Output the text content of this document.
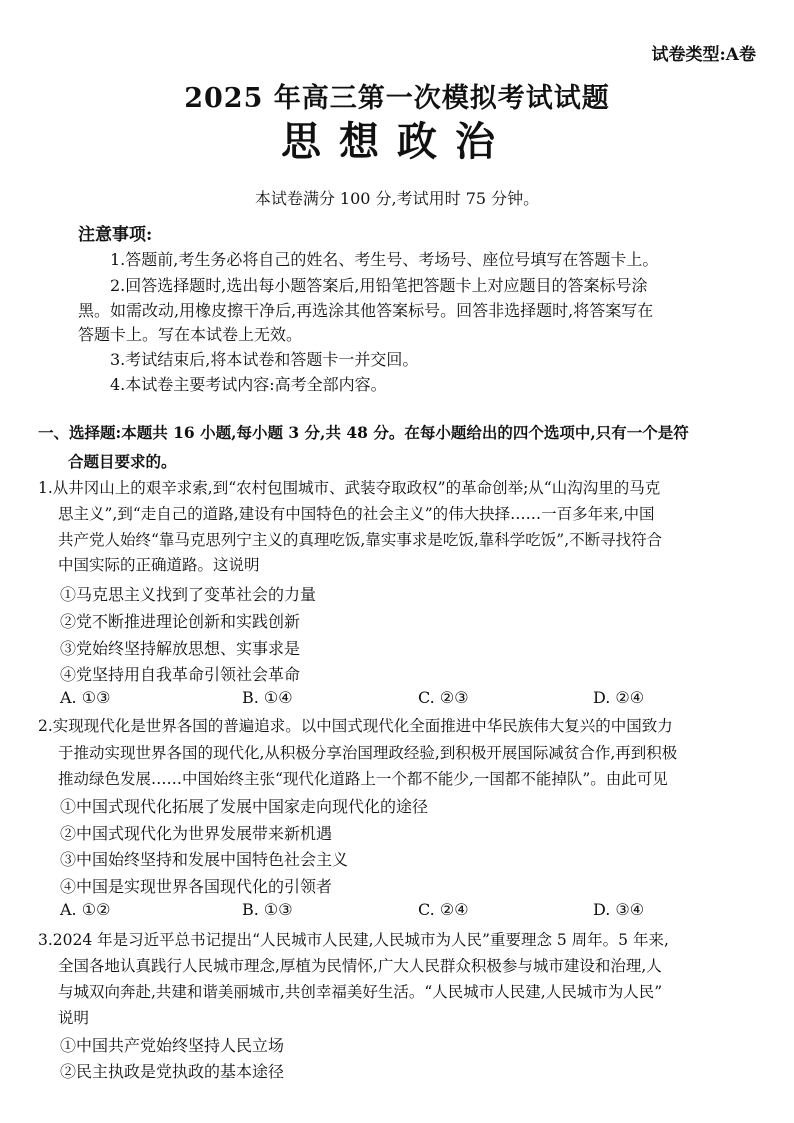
试卷类型:A卷
2025 年高三第一次模拟考试试题
思想政治
本试卷满分 100 分,考试用时 75 分钟。
注意事项:
1.答题前,考生务必将自己的姓名、考生号、考场号、座位号填写在答题卡上。
2.回答选择题时,选出每小题答案后,用铅笔把答题卡上对应题目的答案标号涂
黑。如需改动,用橡皮擦干净后,再选涂其他答案标号。回答非选择题时,将答案写在
答题卡上。写在本试卷上无效。
3.考试结束后,将本试卷和答题卡一并交回。
4.本试卷主要考试内容:高考全部内容。
一、选择题:本题共 16 小题,每小题 3 分,共 48 分。在每小题给出的四个选项中,只有一个是符
合题目要求的。
1.从井冈山上的艰辛求索,到“农村包围城市、武装夺取政权”的革命创举;从“山沟沟里的马克
思主义”,到“走自己的道路,建设有中国特色的社会主义”的伟大抉择……一百多年来,中国
共产党人始终“靠马克思列宁主义的真理吃饭,靠实事求是吃饭,靠科学吃饭”,不断寻找符合
中国实际的正确道路。这说明
①马克思主义找到了变革社会的力量
②党不断推进理论创新和实践创新
③党始终坚持解放思想、实事求是
④党坚持用自我革命引领社会革命
A. ①③	B. ①④	C. ②③	D. ②④
2.实现现代化是世界各国的普遍追求。以中国式现代化全面推进中华民族伟大复兴的中国致力
于推动实现世界各国的现代化,从积极分享治国理政经验,到积极开展国际减贫合作,再到积极
推动绿色发展……中国始终主张“现代化道路上一个都不能少,一国都不能掉队”。由此可见
①中国式现代化拓展了发展中国家走向现代化的途径
②中国式现代化为世界发展带来新机遇
③中国始终坚持和发展中国特色社会主义
④中国是实现世界各国现代化的引领者
A. ①②	B. ①③	C. ②④	D. ③④
3.2024 年是习近平总书记提出“人民城市人民建,人民城市为人民”重要理念 5 周年。5 年来,
全国各地认真践行人民城市理念,厚植为民情怀,广大人民群众积极参与城市建设和治理,人
与城双向奔赴,共建和谐美丽城市,共创幸福美好生活。“人民城市人民建,人民城市为人民”
说明
①中国共产党始终坚持人民立场
②民主执政是党执政的基本途径
